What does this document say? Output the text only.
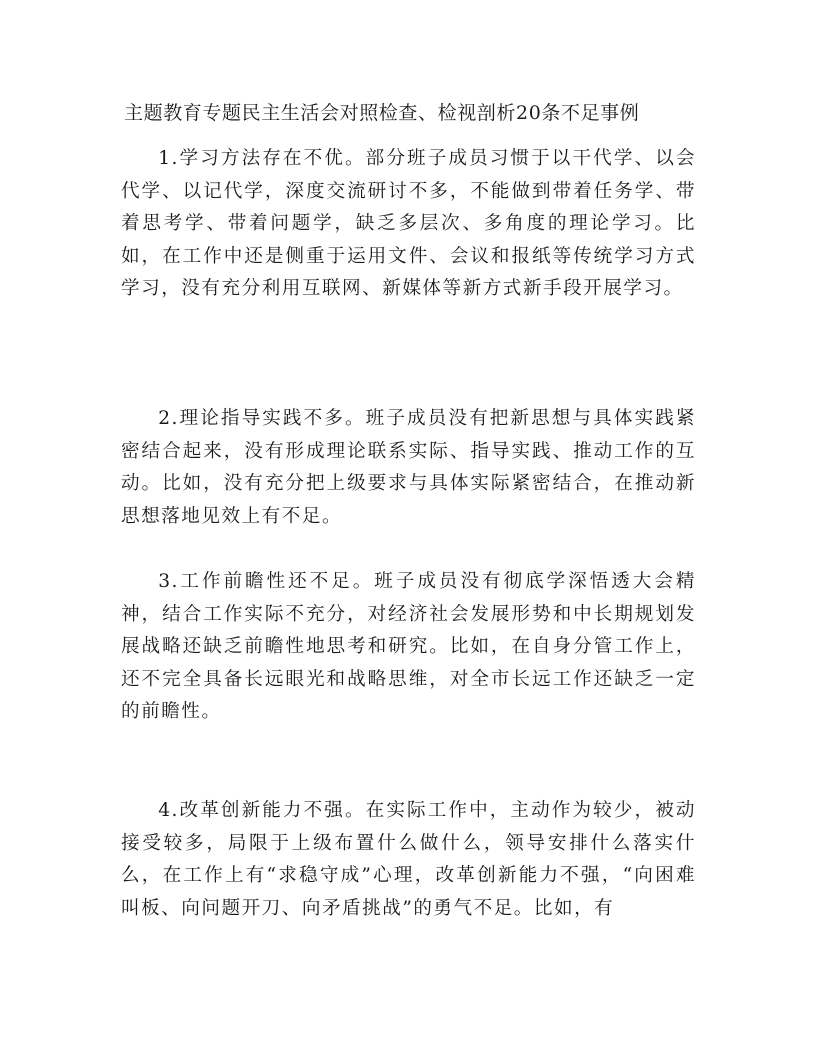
主题教育专题民主生活会对照检查、检视剖析20条不足事例

1.学习方法存在不优。部分班子成员习惯于以干代学、以会代学、以记代学，深度交流研讨不多，不能做到带着任务学、带着思考学、带着问题学，缺乏多层次、多角度的理论学习。比如，在工作中还是侧重于运用文件、会议和报纸等传统学习方式学习，没有充分利用互联网、新媒体等新方式新手段开展学习。

2.理论指导实践不多。班子成员没有把新思想与具体实践紧密结合起来，没有形成理论联系实际、指导实践、推动工作的互动。比如，没有充分把上级要求与具体实际紧密结合，在推动新思想落地见效上有不足。

3.工作前瞻性还不足。班子成员没有彻底学深悟透大会精神，结合工作实际不充分，对经济社会发展形势和中长期规划发展战略还缺乏前瞻性地思考和研究。比如，在自身分管工作上，还不完全具备长远眼光和战略思维，对全市长远工作还缺乏一定的前瞻性。

4.改革创新能力不强。在实际工作中，主动作为较少，被动接受较多，局限于上级布置什么做什么，领导安排什么落实什么，在工作上有“求稳守成”心理，改革创新能力不强，“向困难叫板、向问题开刀、向矛盾挑战”的勇气不足。比如，有
